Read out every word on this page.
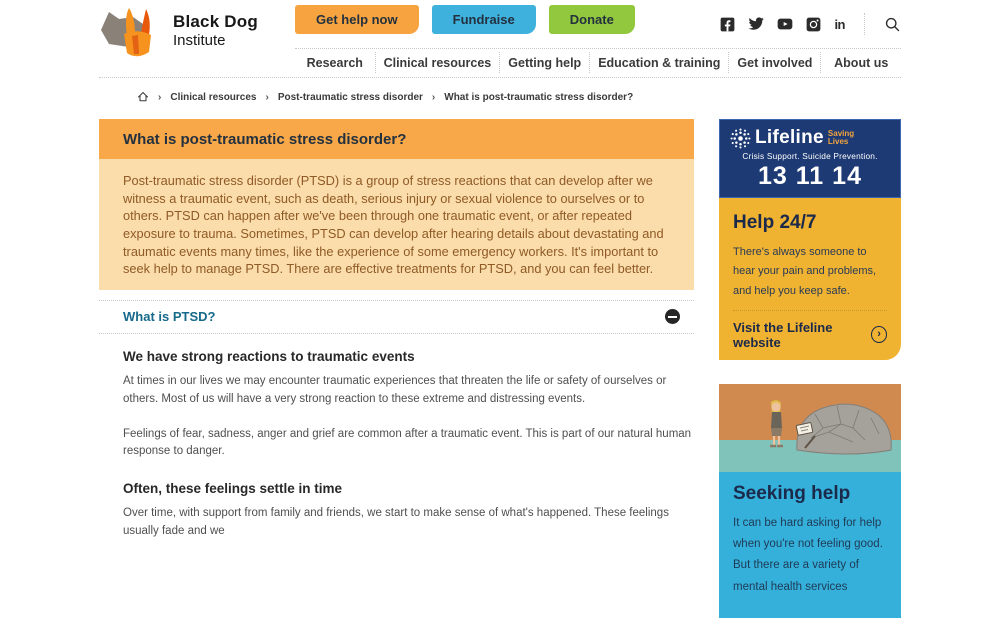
Black Dog
Institute
Get help now	Fundraise	Donate	in
Research	Clinical resources	Getting help	Education & training	Get involved	About us
› Clinical resources › Post-traumatic stress disorder › What is post-traumatic stress disorder?
What is post-traumatic stress disorder?
Post-traumatic stress disorder (PTSD) is a group of stress reactions that can develop after we witness a traumatic event, such as death, serious injury or sexual violence to ourselves or to others. PTSD can happen after we've been through one traumatic event, or after repeated exposure to trauma. Sometimes, PTSD can develop after hearing details about devastating and traumatic events many times, like the experience of some emergency workers. It's important to seek help to manage PTSD. There are effective treatments for PTSD, and you can feel better.
What is PTSD?
We have strong reactions to traumatic events

At times in our lives we may encounter traumatic experiences that threaten the life or safety of ourselves or others. Most of us will have a very strong reaction to these extreme and distressing events.

Feelings of fear, sadness, anger and grief are common after a traumatic event. This is part of our natural human response to danger.

Often, these feelings settle in time

Over time, with support from family and friends, we start to make sense of what's happened. These feelings usually fade and we

Lifeline Saving Lives
Crisis Support. Suicide Prevention.
13 11 14
Help 24/7
There's always someone to hear your pain and problems, and help you keep safe.
Visit the Lifeline website
›
Seeking help
It can be hard asking for help when you're not feeling good. But there are a variety of mental health services
